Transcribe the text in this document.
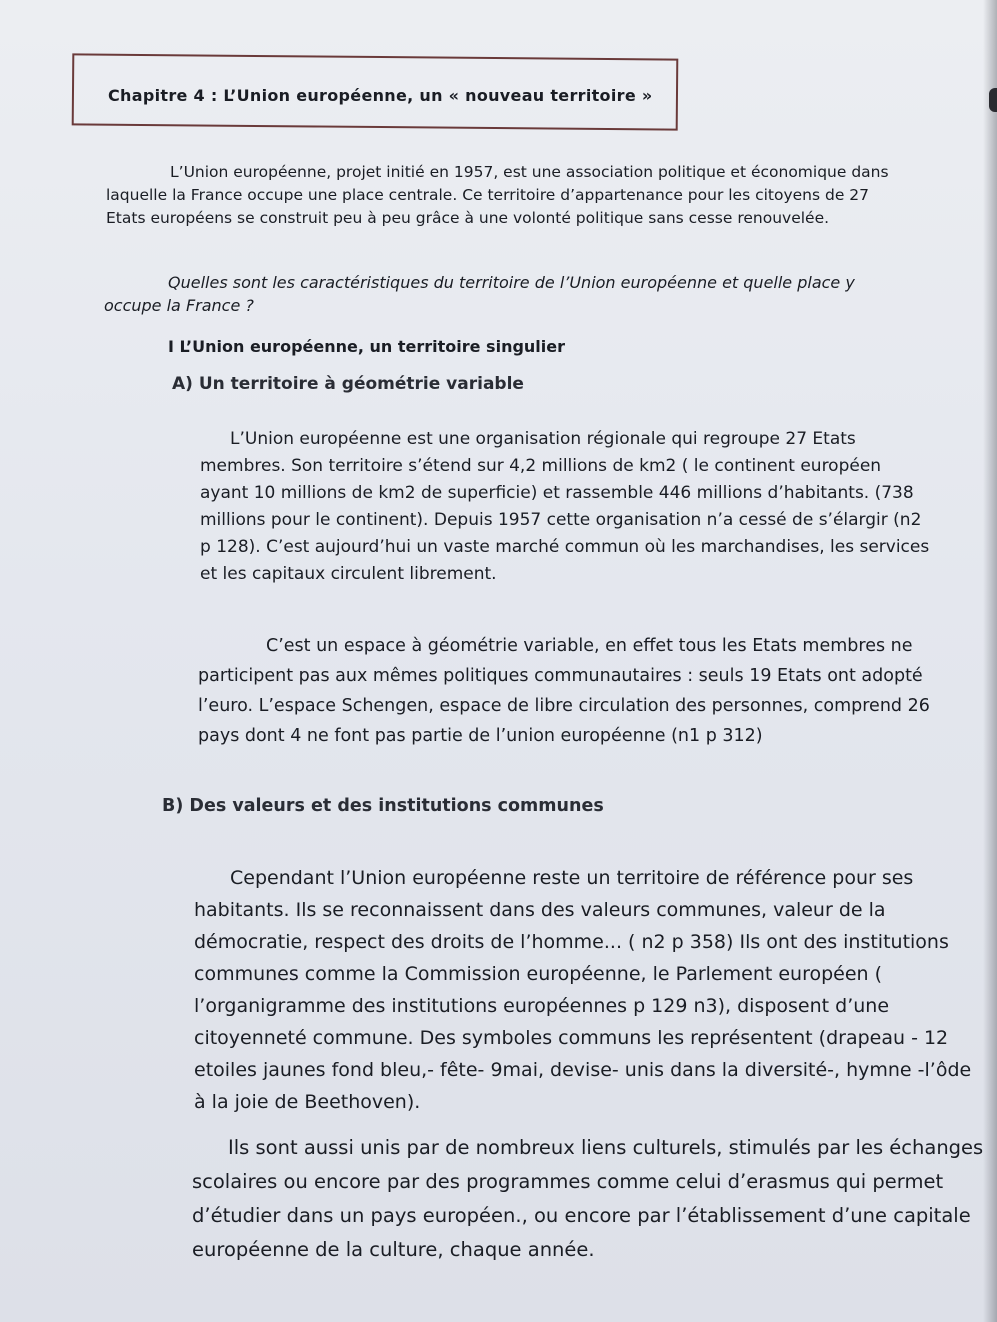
Chapitre 4 : L’Union européenne, un « nouveau territoire »

L’Union européenne, projet initié en 1957, est une association politique et économique dans laquelle la France occupe une place centrale. Ce territoire d’appartenance pour les citoyens de 27 Etats européens se construit peu à peu grâce à une volonté politique sans cesse renouvelée.

Quelles sont les caractéristiques du territoire de l’Union européenne et quelle place y occupe la France ?

I L’Union européenne, un territoire singulier
A) Un territoire à géométrie variable

L’Union européenne est une organisation régionale qui regroupe 27 Etats membres. Son territoire s’étend sur 4,2 millions de km2 ( le continent européen ayant 10 millions de km2 de superficie) et rassemble 446 millions d’habitants. (738 millions pour le continent). Depuis 1957 cette organisation n’a cessé de s’élargir (n2 p 128). C’est aujourd’hui un vaste marché commun où les marchandises, les services et les capitaux circulent librement.

C’est un espace à géométrie variable, en effet tous les Etats membres ne participent pas aux mêmes politiques communautaires : seuls 19 Etats ont adopté l’euro. L’espace Schengen, espace de libre circulation des personnes, comprend 26 pays dont 4 ne font pas partie de l’union européenne (n1 p 312)

B) Des valeurs et des institutions communes

Cependant l’Union européenne reste un territoire de référence pour ses habitants. Ils se reconnaissent dans des valeurs communes, valeur de la démocratie, respect des droits de l’homme... ( n2 p 358) Ils ont des institutions communes comme la Commission européenne, le Parlement européen ( l’organigramme des institutions européennes p 129 n3), disposent d’une citoyenneté commune. Des symboles communs les représentent (drapeau - 12 etoiles jaunes fond bleu,- fête- 9mai, devise- unis dans la diversité-, hymne -l’ôde à la joie de Beethoven).

Ils sont aussi unis par de nombreux liens culturels, stimulés par les échanges scolaires ou encore par des programmes comme celui d’erasmus qui permet d’étudier dans un pays européen., ou encore par l’établissement d’une capitale européenne de la culture, chaque année.
